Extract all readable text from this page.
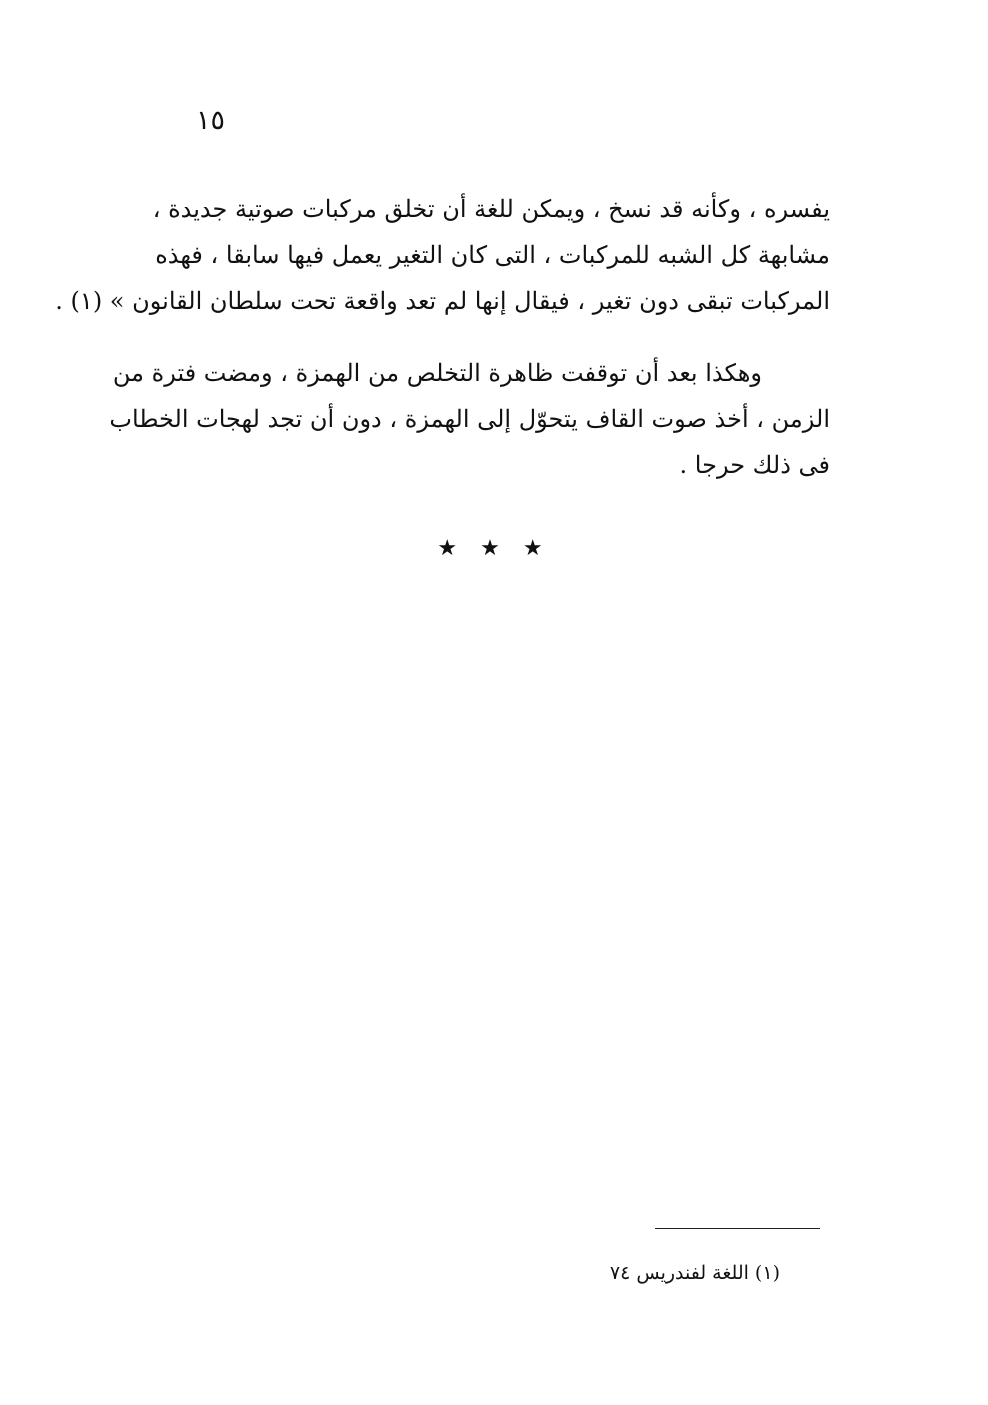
١٥
يفسره ، وكأنه قد نسخ ، ويمكن للغة أن تخلق مركبات صوتية جديدة ،
مشابهة كل الشبه للمركبات ، التى كان التغير يعمل فيها سابقا ، فهذه
المركبات تبقى دون تغير ، فيقال إنها لم تعد واقعة تحت سلطان القانون » (١) .
وهكذا بعد أن توقفت ظاهرة التخلص من الهمزة ، ومضت فترة من
الزمن ، أخذ صوت القاف يتحوّل إلى الهمزة ، دون أن تجد لهجات الخطاب
فى ذلك حرجا .
★ ★ ★
(١) اللغة لفندريس ٧٤
